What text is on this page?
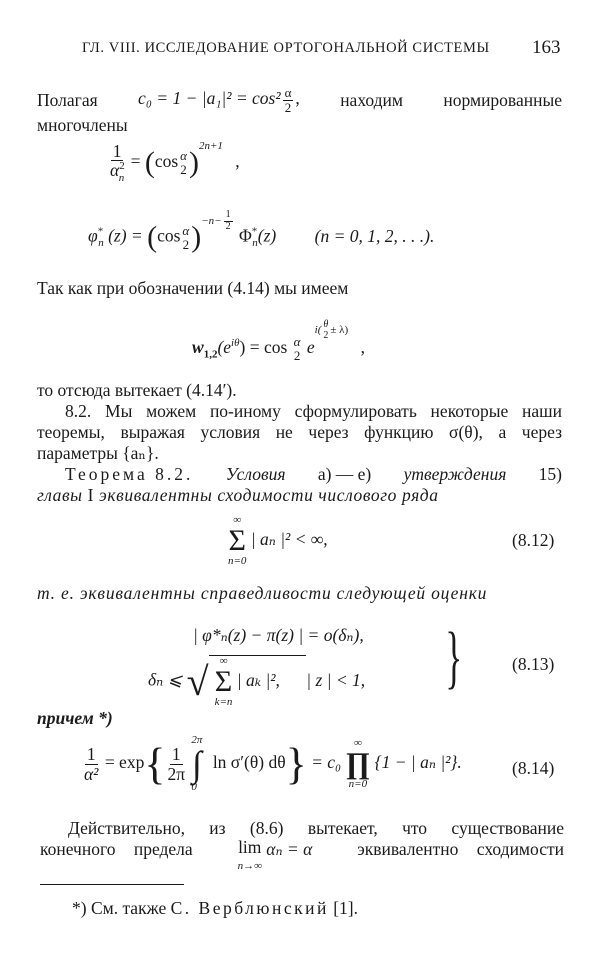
ГЛ. VIII. ИССЛЕДОВАНИЕ ОРТОГОНАЛЬНОЙ СИСТЕМЫ 163
Полагая $c_0 = 1 - |a_1|^2 = \cos^2 \frac{\alpha}{2}$ , находим нормированные
многочлены
$\frac{1}{\alpha^2_n} = (\cos$ α
2 )$^{2n+1}$ ,
$\varphi^*_n$ (z) = (cos α
2 )$^{-n- \frac{1}{2}}$
$\Phi^*_n(z) (n = 0$, 1, 2, . . .).
Так как при обозначении (4.14) мы имеем
$w_{1,2}(e^{i\theta}) = \cos \alpha$
2 $e^{i( \theta 2 \pm \lambda)}$ ,
то отсюда вытекает (4.14′).
8.2. Мы можем по-иному сформулировать некоторые наши
теоремы, выражая условия не через функцию σ(θ), а через
параметры {aₙ}.
Теорема 8.2. Условия a) — e) утверждения 15)
главы I эквивалентны сходимости числового ряда
∞
Σ
n=0
| aₙ |² < ∞,	(8.12)
т. е. эквивалентны справедливости следующей оценки
| φ*ₙ(z) − π(z) | = o(δₙ),
δₙ ⩽ √ ∞
Σ
k=n
| aₖ |², | z | < 1, }	(8.13)
причем *)
$\frac{1}{\text{α²}} = \exp\{ \frac{1}{2\pi}$

2π
∫
0
ln σ′(θ) dθ} = c₀
∞
∏
n=0
{1 − | aₙ |²}.	(8.14)
Действительно, из (8.6) вытекает, что существование
конечного предела	lim
n→∞
αₙ = α	эквивалентно сходимости
*) См. также С. Верблюнский [1].
